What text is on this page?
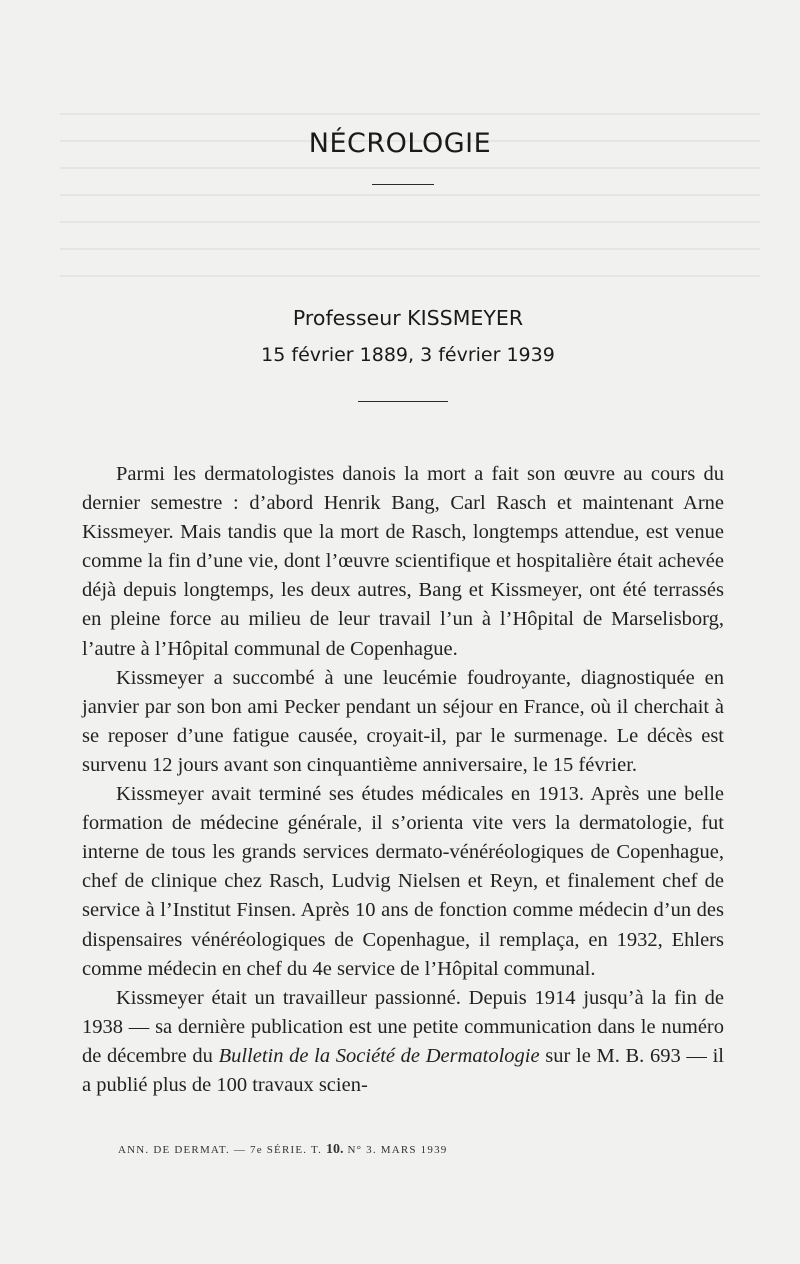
NÉCROLOGIE
Professeur KISSMEYER
15 février 1889, 3 février 1939

Parmi les dermatologistes danois la mort a fait son œuvre au cours du dernier semestre : d’abord Henrik Bang, Carl Rasch et maintenant Arne Kissmeyer. Mais tandis que la mort de Rasch, longtemps attendue, est venue comme la fin d’une vie, dont l’œuvre scientifique et hospitalière était achevée déjà depuis longtemps, les deux autres, Bang et Kissmeyer, ont été terrassés en pleine force au milieu de leur travail l’un à l’Hôpital de Marselisborg, l’autre à l’Hôpital communal de Copenhague.

Kissmeyer a succombé à une leucémie foudroyante, diagnostiquée en janvier par son bon ami Pecker pendant un séjour en France, où il cherchait à se reposer d’une fatigue causée, croyait-il, par le surmenage. Le décès est survenu 12 jours avant son cinquantième anniversaire, le 15 février.

Kissmeyer avait terminé ses études médicales en 1913. Après une belle formation de médecine générale, il s’orienta vite vers la dermatologie, fut interne de tous les grands services dermato-vénéréologiques de Copenhague, chef de clinique chez Rasch, Ludvig Nielsen et Reyn, et finalement chef de service à l’Institut Finsen. Après 10 ans de fonction comme médecin d’un des dispensaires vénéréologiques de Copenhague, il remplaça, en 1932, Ehlers comme médecin en chef du 4e service de l’Hôpital communal.

Kissmeyer était un travailleur passionné. Depuis 1914 jusqu’à la fin de 1938 — sa dernière publication est une petite communication dans le numéro de décembre du Bulletin de la Société de Dermatologie sur le M. B. 693 — il a publié plus de 100 travaux scien-

ANN. DE DERMAT. — 7e SÉRIE. T. 10. N° 3. MARS 1939
